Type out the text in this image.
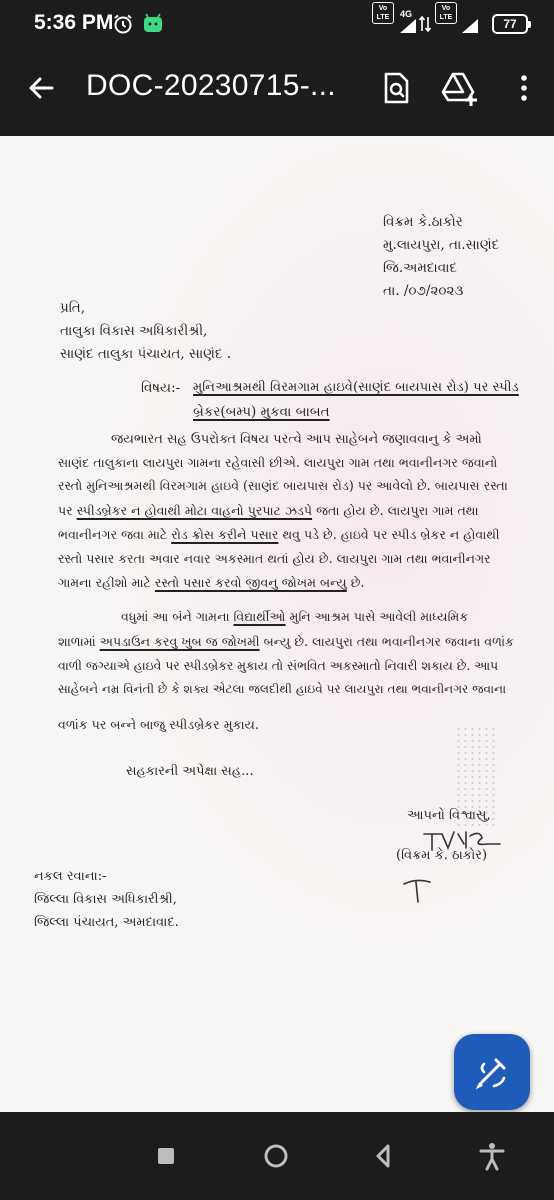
5:36 PM
Vo LTE	4G
Vo LTE	77
DOC-20230715-...
વિક્રમ કે.ઠાકોર
મુ.લાયપુરા, તા.સાણંદ
જિ.અમદાવાદ
તા. /૦૭/૨૦૨૩
પ્રતિ,
તાલુકા વિકાસ અધિકારીશ્રી,
સાણંદ તાલુકા પંચાયત, સાણંદ .
વિષય:- મુનિઆશ્રમથી વિરમગામ હાઇવે(સાણંદ બાયપાસ રોડ) પર સ્પીડ
બ્રેકર(બમ્પ) મુકવા બાબત
જયભારત સહ ઉપરોક્ત વિષય પરત્વે આપ સાહેબને જણાવવાનુ કે અમો
સાણંદ તાલુકાના લાયપુરા ગામના રહેવાસી છીએ. લાયપુરા ગામ તથા ભવાનીનગર જવાનો
રસ્તો મુનિઆશ્રમથી વિરમગામ હાઇવે (સાણંદ બાયપાસ રોડ) પર આવેલો છે. બાયપાસ રસ્તા
પર સ્પીડબ્રેકર ન હોવાથી મોટા વાહનો પુરપાટ ઝડપે જતા હોય છે. લાયપુરા ગામ તથા
ભવાનીનગર જવા માટે રોડ ક્રોસ કરીને પસાર થવુ પડે છે. હાઇવે પર સ્પીડ બ્રેકર ન હોવાથી
રસ્તો પસાર કરતા અવાર નવાર અકસ્માત થતાં હોય છે. લાયપુરા ગામ તથા ભવાનીનગર
ગામના રહીશો માટે રસ્તો પસાર કરવો જીવનુ જોખમ બન્યુ છે.
વધુમાં આ બંને ગામના વિદ્યાર્થીઓ મુનિ આશ્રમ પાસે આવેલી માધ્યમિક
શાળામાં અપડાઉન કરવુ ખુબ જ જોખમી બન્યુ છે. લાયપુરા તથા ભવાનીનગર જવાના વળાંક
વાળી જગ્યાએ હાઇવે પર સ્પીડબ્રેકર મુકાય તો સંભવિત અકસ્માતો નિવારી શકાય છે. આપ
સાહેબને નમ્ર વિનંતી છે કે શક્ય એટલા જલદીથી હાઇવે પર લાયપુરા તથા ભવાનીનગર જવાના
વળાંક પર બન્ને બાજુ સ્પીડબ્રેકર મુકાય.
સહકારની અપેક્ષા સહ...
આપનો વિશ્વાસુ,
(વિક્રમ કે. ઠાકોર)
નકલ રવાના:-
જિલ્લા વિકાસ અધિકારીશ્રી,
જિલ્લા પંચાયત, અમદાવાદ.
